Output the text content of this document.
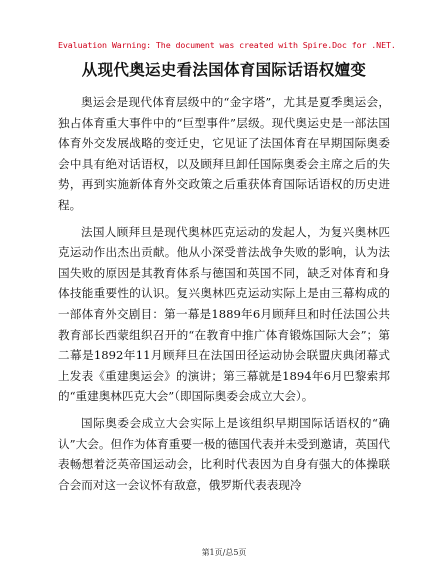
Evaluation Warning: The document was created with Spire.Doc for .NET.
从现代奥运史看法国体育国际话语权嬗变

奥运会是现代体育层级中的“金字塔”，尤其是夏季奥运会，独占体育重大事件中的“巨型事件”层级。现代奥运史是一部法国体育外交发展战略的变迁史，它见证了法国体育在早期国际奥委会中具有绝对话语权，以及顾拜旦卸任国际奥委会主席之后的失势，再到实施新体育外交政策之后重获体育国际话语权的历史进程。

法国人顾拜旦是现代奥林匹克运动的发起人，为复兴奥林匹克运动作出杰出贡献。他从小深受普法战争失败的影响，认为法国失败的原因是其教育体系与德国和英国不同，缺乏对体育和身体技能重要性的认识。复兴奥林匹克运动实际上是由三幕构成的一部体育外交剧目：第一幕是1889年6月顾拜旦和时任法国公共教育部长西蒙组织召开的“在教育中推广体育锻炼国际大会”；第二幕是1892年11月顾拜旦在法国田径运动协会联盟庆典闭幕式上发表《重建奥运会》的演讲；第三幕就是1894年6月巴黎索邦的“重建奥林匹克大会”（即国际奥委会成立大会）。

国际奥委会成立大会实际上是该组织早期国际话语权的“确认”大会。但作为体育重要一极的德国代表并未受到邀请，英国代表畅想着泛英帝国运动会，比利时代表因为自身有强大的体操联合会而对这一会议怀有敌意，俄罗斯代表表现冷

第1页/总5页
